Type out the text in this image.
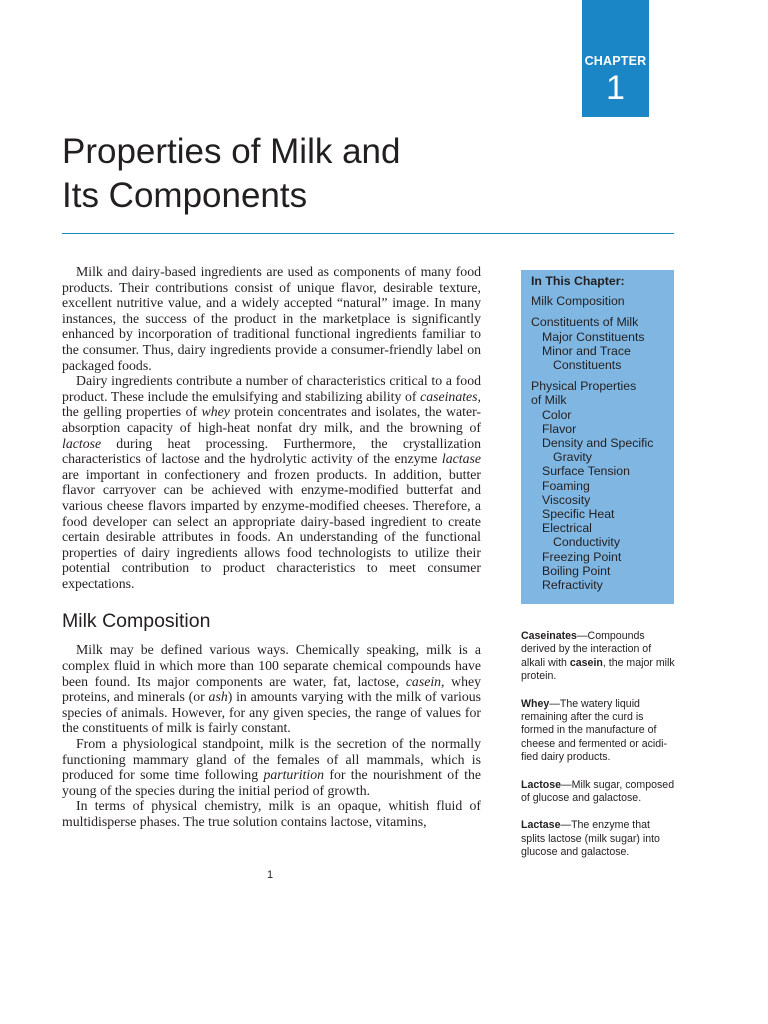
CHAPTER
1
Properties of Milk and
Its Components

Milk and dairy-based ingredients are used as components of many food products. Their contributions consist of unique flavor, desirable texture, excellent nutritive value, and a widely accepted “natural” image. In many instances, the success of the product in the marketplace is significantly enhanced by incorporation of traditional functional ingredients familiar to the consumer. Thus, dairy ingredients provide a consumer-friendly label on packaged foods.

Dairy ingredients contribute a number of characteristics critical to a food product. These include the emulsifying and stabilizing ability of caseinates, the gelling properties of whey protein concentrates and isolates, the water-absorption capacity of high-heat nonfat dry milk, and the browning of lactose during heat processing. Furthermore, the crystallization characteristics of lactose and the hydrolytic activity of the enzyme lactase are important in confectionery and frozen products. In addition, butter flavor carryover can be achieved with enzyme-modified butterfat and various cheese flavors imparted by enzyme-modified cheeses. Therefore, a food developer can select an appropriate dairy-based ingredient to create certain desirable attributes in foods. An understanding of the functional properties of dairy ingredients allows food technologists to utilize their potential contribution to product characteristics to meet consumer expectations.

Milk Composition

Milk may be defined various ways. Chemically speaking, milk is a complex fluid in which more than 100 separate chemical compounds have been found. Its major components are water, fat, lactose, casein, whey proteins, and minerals (or ash) in amounts varying with the milk of various species of animals. However, for any given species, the range of values for the constituents of milk is fairly constant.

From a physiological standpoint, milk is the secretion of the normally functioning mammary gland of the females of all mammals, which is produced for some time following parturition for the nourishment of the young of the species during the initial period of growth.

In terms of physical chemistry, milk is an opaque, whitish fluid of multidisperse phases. The true solution contains lactose, vitamins,

In This Chapter:
Milk Composition
Constituents of Milk
Major Constituents
Minor and Trace
Constituents
Physical Properties
of Milk
Color
Flavor
Density and Specific
Gravity
Surface Tension
Foaming
Viscosity
Specific Heat
Electrical
Conductivity
Freezing Point
Boiling Point
Refractivity
Caseinates—Compounds derived by the interaction of alkali with casein, the major milk protein.
Whey—The watery liquid remaining after the curd is formed in the manufacture of cheese and fermented or acidified dairy products.
Lactose—Milk sugar, composed of glucose and galactose.
Lactase—The enzyme that splits lactose (milk sugar) into glucose and galactose.
1
